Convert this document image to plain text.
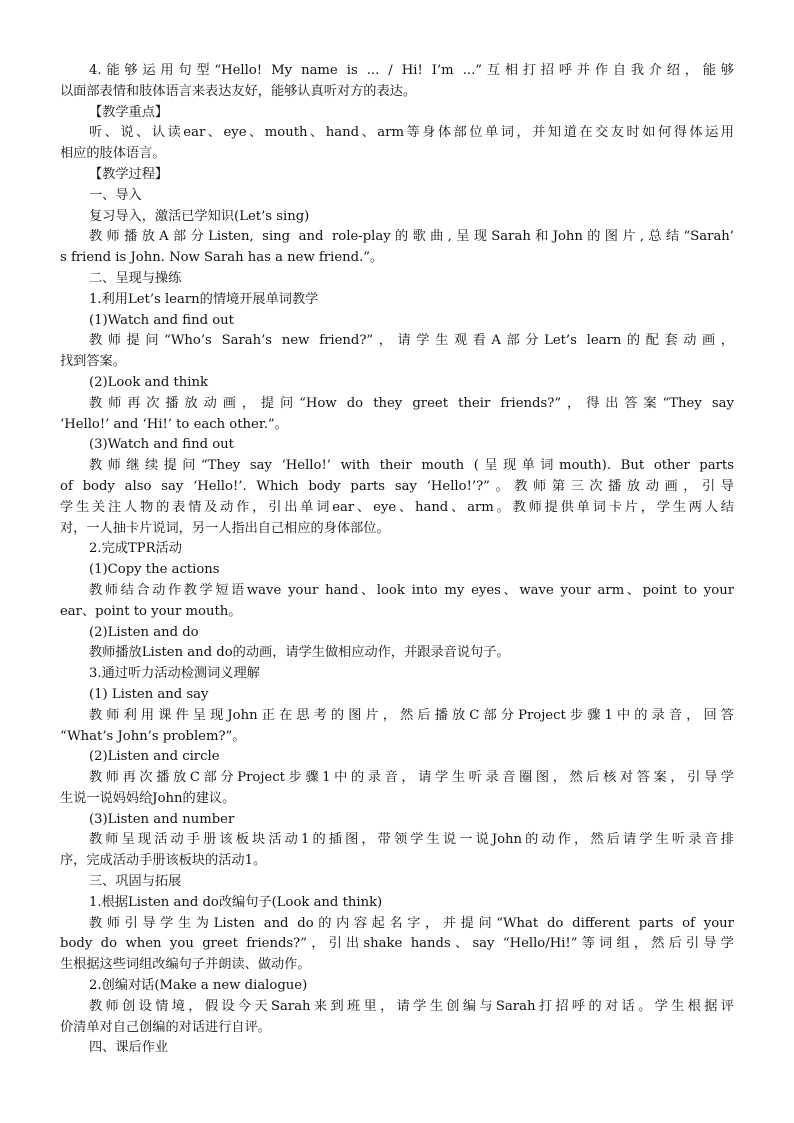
4.能够运用句型“Hello! My name is ... / Hi! I’m ...”互相打招呼并作自我介绍，能够
以面部表情和肢体语言来表达友好，能够认真听对方的表达。
【教学重点】
听、说、认读ear、eye、mouth、hand、arm等身体部位单词，并知道在交友时如何得体运用
相应的肢体语言。
【教学过程】
一、导入
复习导入，激活已学知识(Let’s sing)
教师播放A部分Listen, sing and role-play的歌曲,呈现Sarah和John的图片,总结“Sarah’
s friend is John. Now Sarah has a new friend.”。
二、呈现与操练
1.利用Let’s learn的情境开展单词教学
(1)Watch and find out
教师提问“Who’s Sarah’s new friend?”，请学生观看A部分Let’s learn的配套动画，
找到答案。
(2)Look and think
教师再次播放动画，提问“How do they greet their friends?”，得出答案“They say
‘Hello!’ and ‘Hi!’ to each other.”。
(3)Watch and find out
教师继续提问“They say ‘Hello!’ with their mouth (呈现单词mouth). But other parts
of body also say ‘Hello!’. Which body parts say ‘Hello!’?”。教师第三次播放动画，引导
学生关注人物的表情及动作，引出单词ear、eye、hand、arm。教师提供单词卡片，学生两人结
对，一人抽卡片说词，另一人指出自己相应的身体部位。
2.完成TPR活动
(1)Copy the actions
教师结合动作教学短语wave your hand、look into my eyes、wave your arm、point to your
ear、point to your mouth。
(2)Listen and do
教师播放Listen and do的动画，请学生做相应动作，并跟录音说句子。
3.通过听力活动检测词义理解
(1) Listen and say
教师利用课件呈现John正在思考的图片，然后播放C部分Project步骤1中的录音，回答
“What’s John’s problem?”。
(2)Listen and circle
教师再次播放C部分Project步骤1中的录音，请学生听录音圈图，然后核对答案，引导学
生说一说妈妈给John的建议。
(3)Listen and number
教师呈现活动手册该板块活动1的插图，带领学生说一说John的动作，然后请学生听录音排
序，完成活动手册该板块的活动1。
三、巩固与拓展
1.根据Listen and do改编句子(Look and think)
教师引导学生为Listen and do的内容起名字，并提问“What do different parts of your
body do when you greet friends?”，引出shake hands、say “Hello/Hi!”等词组，然后引导学
生根据这些词组改编句子并朗读、做动作。
2.创编对话(Make a new dialogue)
教师创设情境，假设今天Sarah来到班里，请学生创编与Sarah打招呼的对话。学生根据评
价清单对自己创编的对话进行自评。
四、课后作业
